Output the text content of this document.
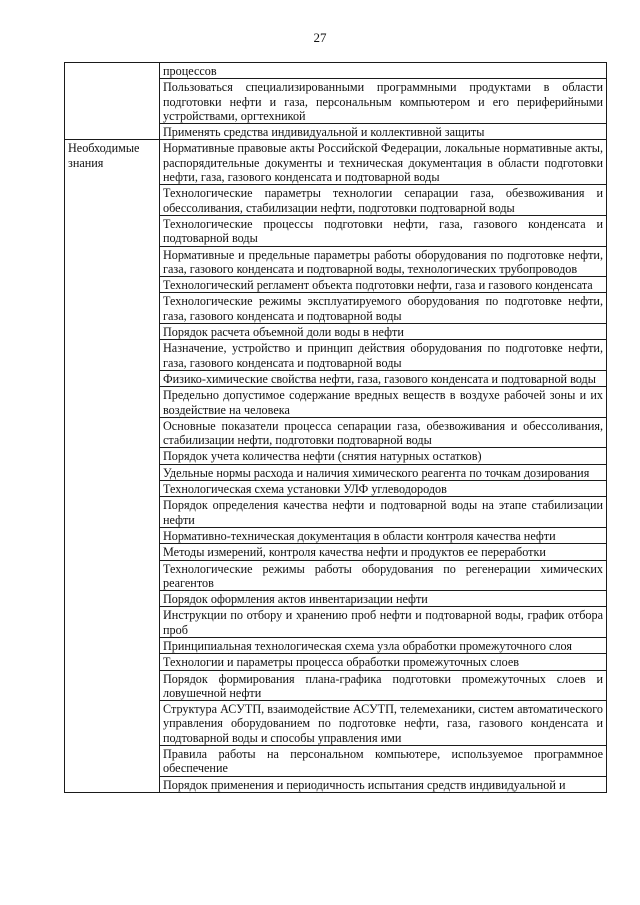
27
	процессов
	Пользоваться специализированными программными продуктами в области подготовки нефти и газа, персональным компьютером и его периферийными устройствами, оргтехникой
	Применять средства индивидуальной и коллективной защиты
Необходимые знания	Нормативные правовые акты Российской Федерации, локальные нормативные акты, распорядительные документы и техническая документация в области подготовки нефти, газа, газового конденсата и подтоварной воды
	Технологические параметры технологии сепарации газа, обезвоживания и обессоливания, стабилизации нефти, подготовки подтоварной воды
	Технологические процессы подготовки нефти, газа, газового конденсата и подтоварной воды
	Нормативные и предельные параметры работы оборудования по подготовке нефти, газа, газового конденсата и подтоварной воды, технологических трубопроводов
	Технологический регламент объекта подготовки нефти, газа и газового конденсата
	Технологические режимы эксплуатируемого оборудования по подготовке нефти, газа, газового конденсата и подтоварной воды
	Порядок расчета объемной доли воды в нефти
	Назначение, устройство и принцип действия оборудования по подготовке нефти, газа, газового конденсата и подтоварной воды
	Физико-химические свойства нефти, газа, газового конденсата и подтоварной воды
	Предельно допустимое содержание вредных веществ в воздухе рабочей зоны и их воздействие на человека
	Основные показатели процесса сепарации газа, обезвоживания и обессоливания, стабилизации нефти, подготовки подтоварной воды
	Порядок учета количества нефти (снятия натурных остатков)
	Удельные нормы расхода и наличия химического реагента по точкам дозирования
	Технологическая схема установки УЛФ углеводородов
	Порядок определения качества нефти и подтоварной воды на этапе стабилизации нефти
	Нормативно-техническая документация в области контроля качества нефти
	Методы измерений, контроля качества нефти и продуктов ее переработки
	Технологические режимы работы оборудования по регенерации химических реагентов
	Порядок оформления актов инвентаризации нефти
	Инструкции по отбору и хранению проб нефти и подтоварной воды, график отбора проб
	Принципиальная технологическая схема узла обработки промежуточного слоя
	Технологии и параметры процесса обработки промежуточных слоев
	Порядок формирования плана-графика подготовки промежуточных слоев и ловушечной нефти
	Структура АСУТП, взаимодействие АСУТП, телемеханики, систем автоматического управления оборудованием по подготовке нефти, газа, газового конденсата и подтоварной воды и способы управления ими
	Правила работы на персональном компьютере, используемое программное обеспечение
	Порядок применения и периодичность испытания средств индивидуальной и
